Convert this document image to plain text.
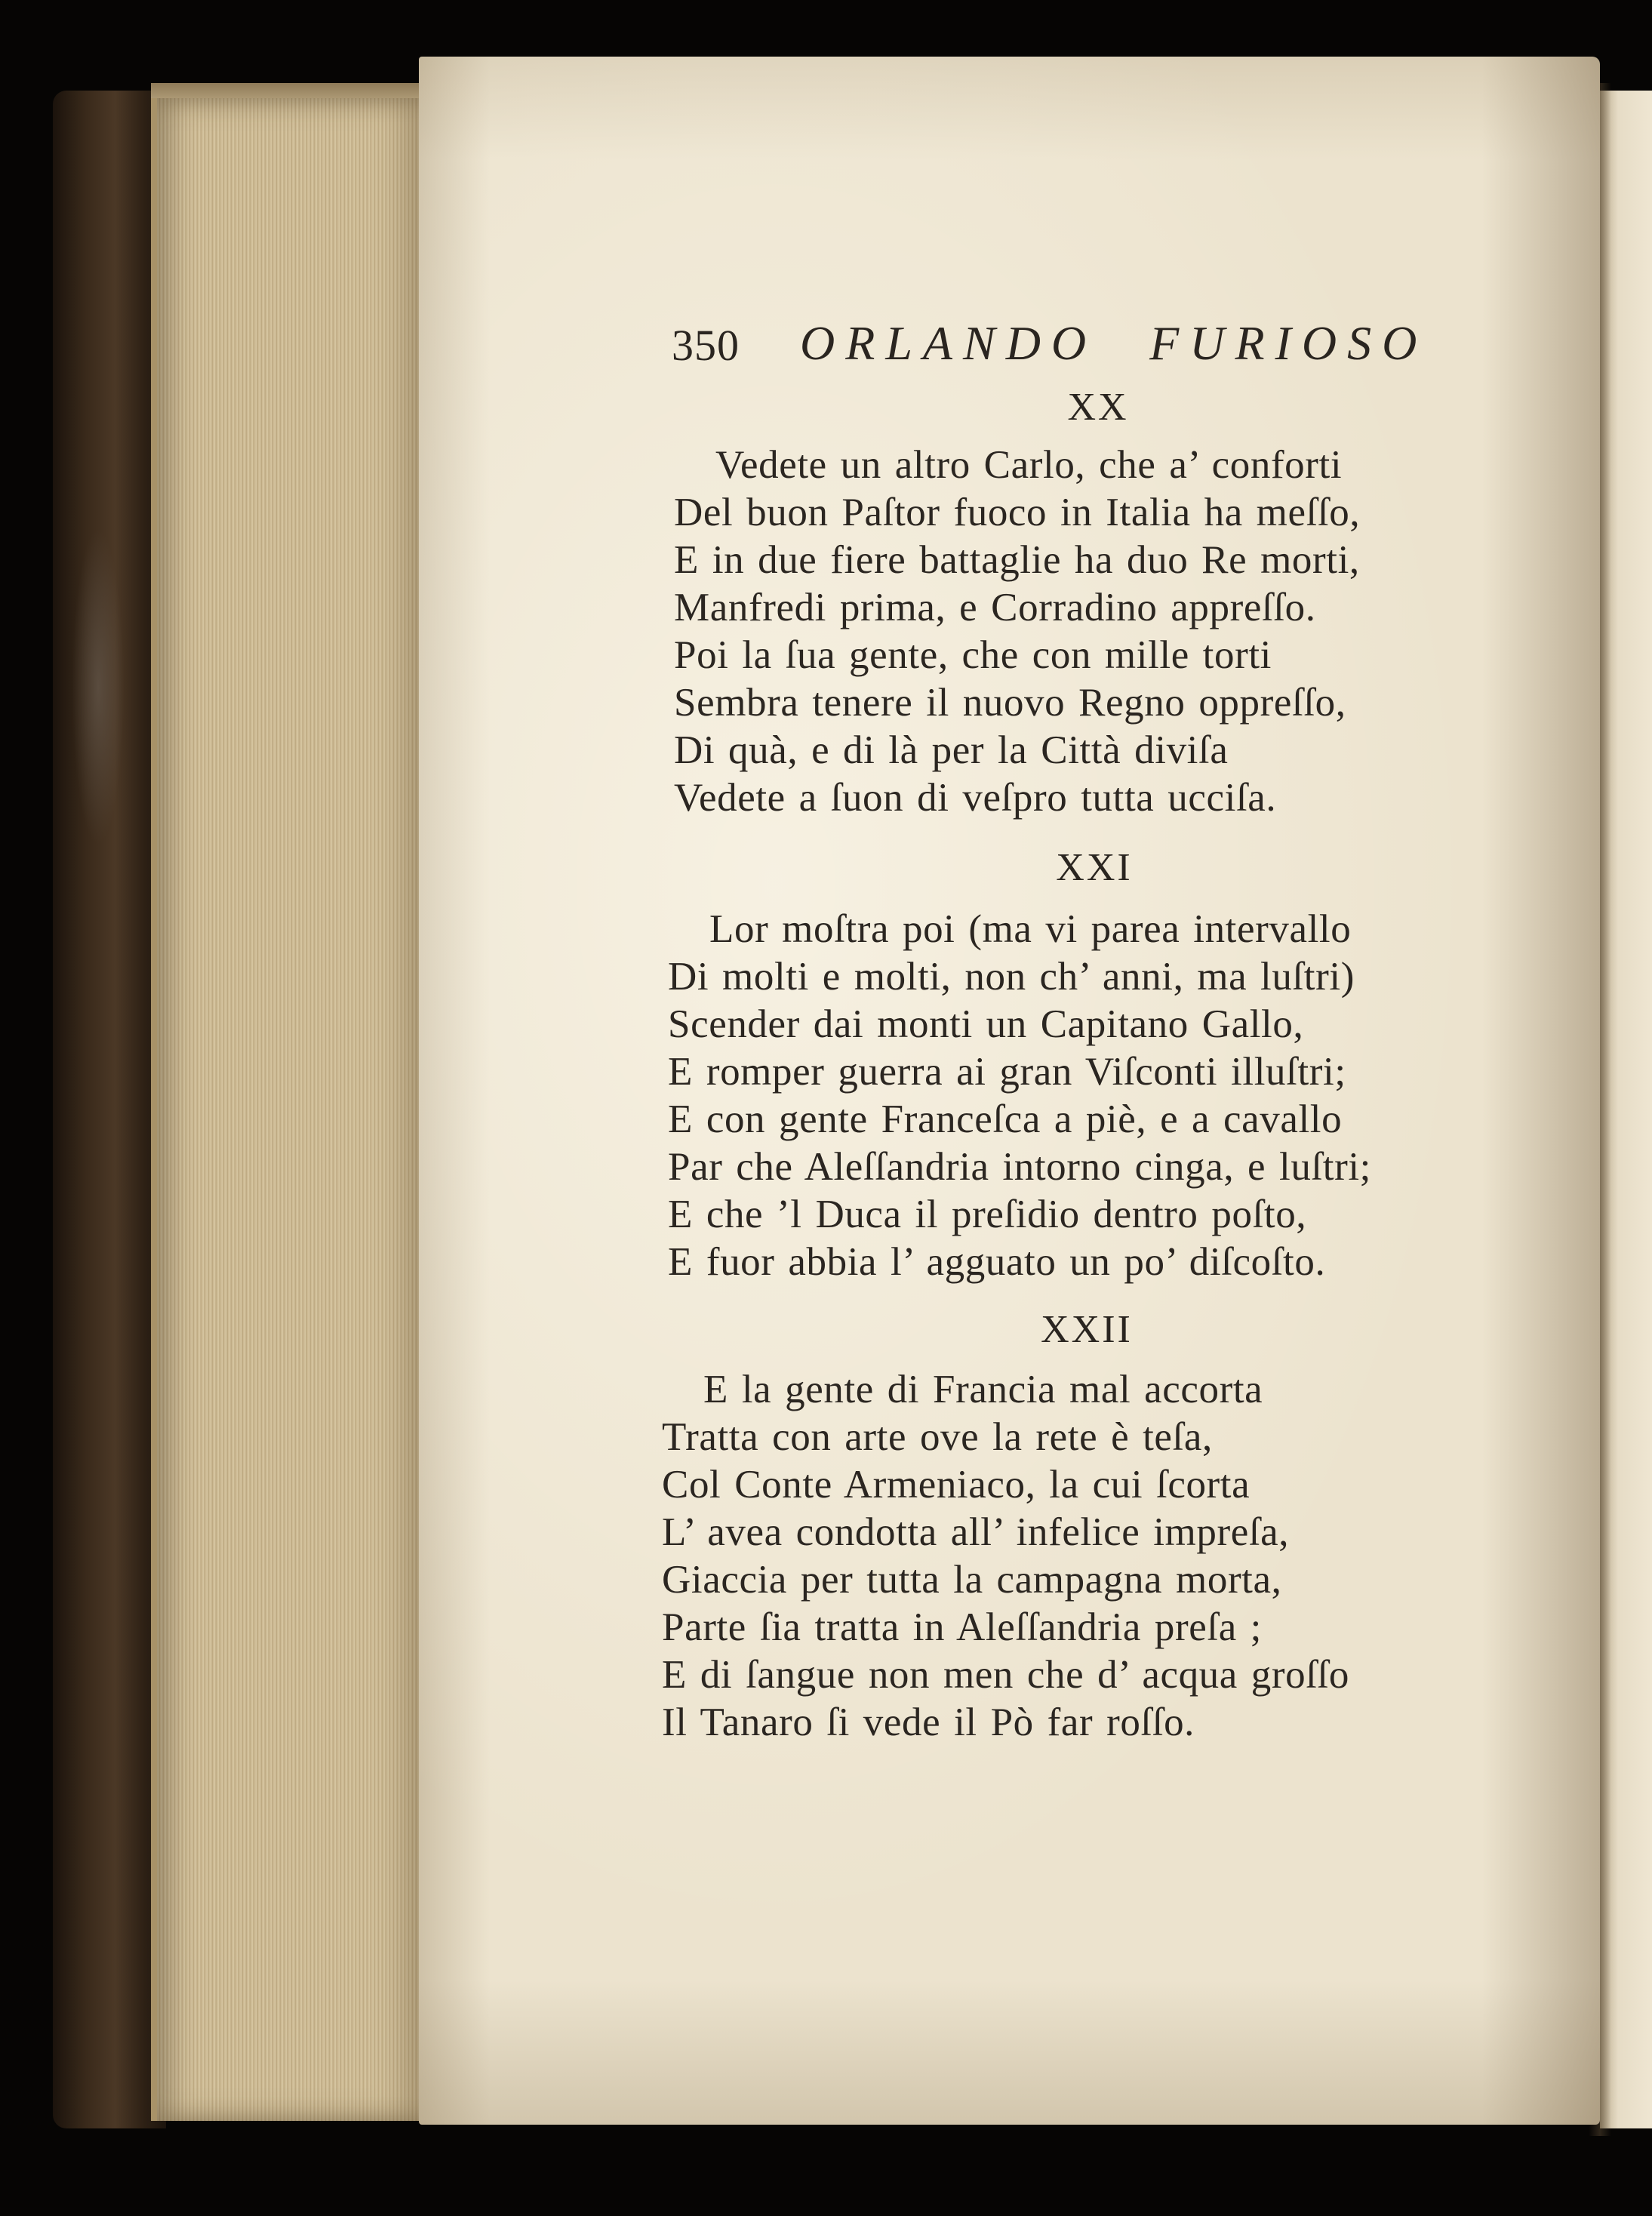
350 ORLANDO FURIOSO
XX
Vedete un altro Carlo, che a’ conforti
Del buon Paſtor fuoco in Italia ha meſſo,
E in due fiere battaglie ha duo Re morti,
Manfredi prima, e Corradino appreſſo.
Poi la ſua gente, che con mille torti
Sembra tenere il nuovo Regno oppreſſo,
Di quà, e di là per la Città diviſa
Vedete a ſuon di veſpro tutta ucciſa.
XXI
Lor moſtra poi (ma vi parea intervallo
Di molti e molti, non ch’ anni, ma luſtri)
Scender dai monti un Capitano Gallo,
E romper guerra ai gran Viſconti illuſtri;
E con gente Franceſca a piè, e a cavallo
Par che Aleſſandria intorno cinga, e luſtri;
E che ’l Duca il preſidio dentro poſto,
E fuor abbia l’ agguato un po’ diſcoſto.
XXII
E la gente di Francia mal accorta
Tratta con arte ove la rete è teſa,
Col Conte Armeniaco, la cui ſcorta
L’ avea condotta all’ infelice impreſa,
Giaccia per tutta la campagna morta,
Parte ſia tratta in Aleſſandria preſa ;
E di ſangue non men che d’ acqua groſſo
Il Tanaro ſi vede il Pò far roſſo.
